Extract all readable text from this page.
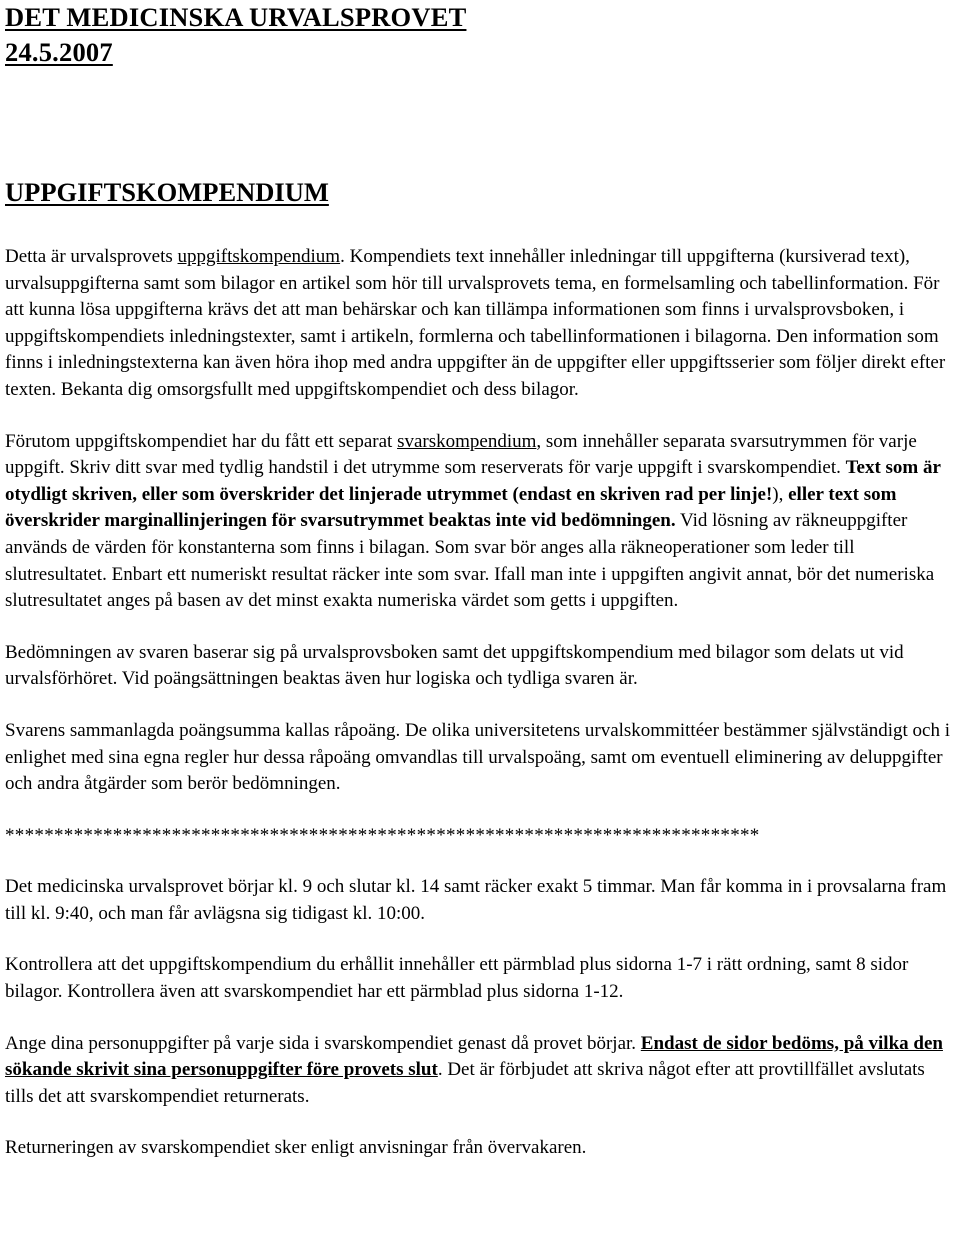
DET MEDICINSKA URVALSPROVET
24.5.2007
UPPGIFTSKOMPENDIUM

Detta är urvalsprovets uppgiftskompendium. Kompendiets text innehåller inledningar till uppgifterna (kursiverad text), urvalsuppgifterna samt som bilagor en artikel som hör till urvalsprovets tema, en formelsamling och tabellinformation. För att kunna lösa uppgifterna krävs det att man behärskar och kan tillämpa informationen som finns i urvalsprovsboken, i uppgiftskompendiets inledningstexter, samt i artikeln, formlerna och tabellinformationen i bilagorna. Den information som finns i inledningstexterna kan även höra ihop med andra uppgifter än de uppgifter eller uppgiftsserier som följer direkt efter texten. Bekanta dig omsorgsfullt med uppgiftskompendiet och dess bilagor.

Förutom uppgiftskompendiet har du fått ett separat svarskompendium, som innehåller separata svarsutrymmen för varje uppgift. Skriv ditt svar med tydlig handstil i det utrymme som reserverats för varje uppgift i svarskompendiet. Text som är otydligt skriven, eller som överskrider det linjerade utrymmet (endast en skriven rad per linje!), eller text som överskrider marginallinjeringen för svarsutrymmet beaktas inte vid bedömningen. Vid lösning av räkneuppgifter används de värden för konstanterna som finns i bilagan. Som svar bör anges alla räkneoperationer som leder till slutresultatet. Enbart ett numeriskt resultat räcker inte som svar. Ifall man inte i uppgiften angivit annat, bör det numeriska slutresultatet anges på basen av det minst exakta numeriska värdet som getts i uppgiften.

Bedömningen av svaren baserar sig på urvalsprovsboken samt det uppgiftskompendium med bilagor som delats ut vid urvalsförhöret. Vid poängsättningen beaktas även hur logiska och tydliga svaren är.

Svarens sammanlagda poängsumma kallas råpoäng. De olika universitetens urvalskommittéer bestämmer självständigt och i enlighet med sina egna regler hur dessa råpoäng omvandlas till urvalspoäng, samt om eventuell eliminering av deluppgifter och andra åtgärder som berör bedömningen.

*****************************************************************************

Det medicinska urvalsprovet börjar kl. 9 och slutar kl. 14 samt räcker exakt 5 timmar. Man får komma in i provsalarna fram till kl. 9:40, och man får avlägsna sig tidigast kl. 10:00.

Kontrollera att det uppgiftskompendium du erhållit innehåller ett pärmblad plus sidorna 1-7 i rätt ordning, samt 8 sidor bilagor. Kontrollera även att svarskompendiet har ett pärmblad plus sidorna 1-12.

Ange dina personuppgifter på varje sida i svarskompendiet genast då provet börjar. Endast de sidor bedöms, på vilka den sökande skrivit sina personuppgifter före provets slut. Det är förbjudet att skriva något efter att provtillfället avslutats tills det att svarskompendiet returnerats.

Returneringen av svarskompendiet sker enligt anvisningar från övervakaren.
